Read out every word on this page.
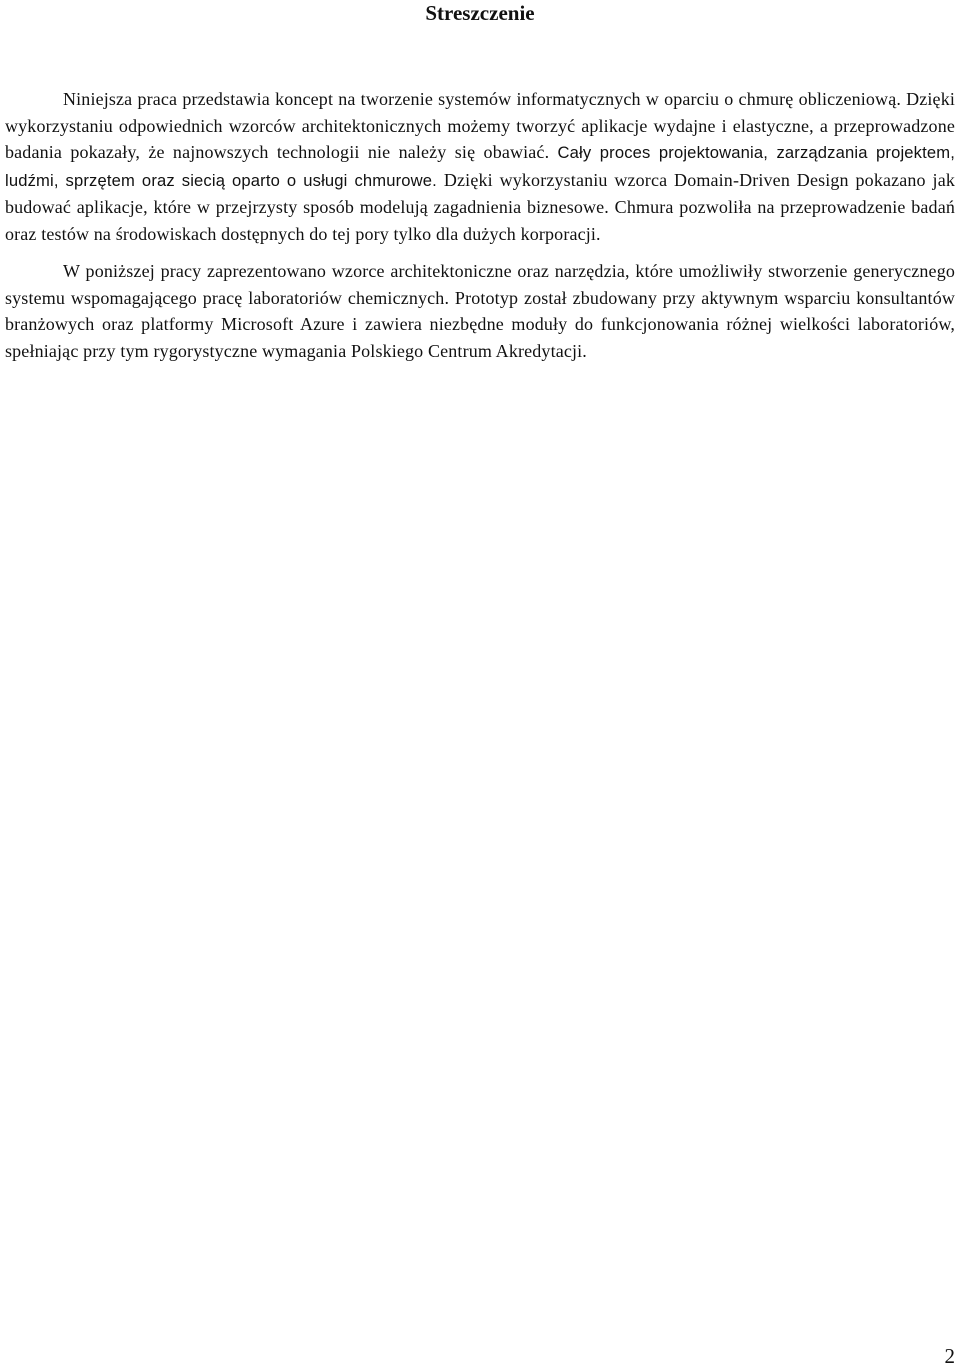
Streszczenie

Niniejsza praca przedstawia koncept na tworzenie systemów informatycznych w oparciu o chmurę obliczeniową. Dzięki wykorzystaniu odpowiednich wzorców architektonicznych możemy tworzyć aplikacje wydajne i elastyczne, a przeprowadzone badania pokazały, że najnowszych technologii nie należy się obawiać. Cały proces projektowania, zarządzania projektem, ludźmi, sprzętem oraz siecią oparto o usługi chmurowe. Dzięki wykorzystaniu wzorca Domain-Driven Design pokazano jak budować aplikacje, które w przejrzysty sposób modelują zagadnienia biznesowe. Chmura pozwoliła na przeprowadzenie badań oraz testów na środowiskach dostępnych do tej pory tylko dla dużych korporacji.

W poniższej pracy zaprezentowano wzorce architektoniczne oraz narzędzia, które umożliwiły stworzenie generycznego systemu wspomagającego pracę laboratoriów chemicznych. Prototyp został zbudowany przy aktywnym wsparciu konsultantów branżowych oraz platformy Microsoft Azure i zawiera niezbędne moduły do funkcjonowania różnej wielkości laboratoriów, spełniając przy tym rygorystyczne wymagania Polskiego Centrum Akredytacji.

2
